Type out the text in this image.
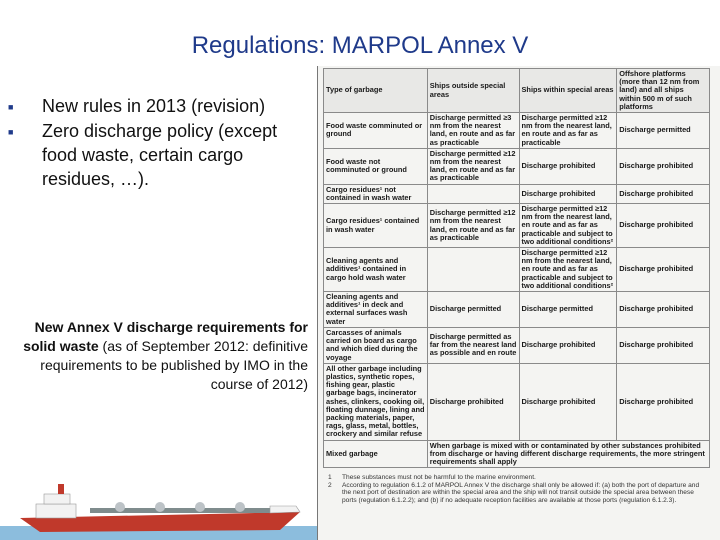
Regulations: MARPOL Annex V
■	New rules in 2013 (revision)
■	Zero discharge policy (except food waste, certain cargo residues, …).
New Annex V discharge requirements for solid waste (as of September 2012: definitive requirements to be published by IMO in the course of 2012)
Type of garbage	Ships outside special areas	Ships within special areas	Offshore platforms (more than 12 nm from land) and all ships within 500 m of such platforms
Food waste comminuted or ground	Discharge permitted ≥3 nm from the nearest land, en route and as far as practicable	Discharge permitted ≥12 nm from the nearest land, en route and as far as practicable	Discharge permitted
Food waste not comminuted or ground	Discharge permitted ≥12 nm from the nearest land, en route and as far as practicable	Discharge prohibited	Discharge prohibited
Cargo residues¹ not contained in wash water		Discharge prohibited	Discharge prohibited
Cargo residues¹ contained in wash water	Discharge permitted ≥12 nm from the nearest land, en route and as far as practicable	Discharge permitted ≥12 nm from the nearest land, en route and as far as practicable and subject to two additional conditions²	Discharge prohibited
Cleaning agents and additives¹ contained in cargo hold wash water		Discharge permitted ≥12 nm from the nearest land, en route and as far as practicable and subject to two additional conditions²	Discharge prohibited
Cleaning agents and additives¹ in deck and external surfaces wash water	Discharge permitted	Discharge permitted	Discharge prohibited
Carcasses of animals carried on board as cargo and which died during the voyage	Discharge permitted as far from the nearest land as possible and en route	Discharge prohibited	Discharge prohibited
All other garbage including plastics, synthetic ropes, fishing gear, plastic garbage bags, incinerator ashes, clinkers, cooking oil, floating dunnage, lining and packing materials, paper, rags, glass, metal, bottles, crockery and similar refuse	Discharge prohibited	Discharge prohibited	Discharge prohibited
Mixed garbage	When garbage is mixed with or contaminated by other substances prohibited from discharge or having different discharge requirements, the more stringent requirements shall apply		
1	These substances must not be harmful to the marine environment.
2	According to regulation 6.1.2 of MARPOL Annex V the discharge shall only be allowed if: (a) both the port of departure and the next port of destination are within the special area and the ship will not transit outside the special area between these ports (regulation 6.1.2.2); and (b) if no adequate reception facilities are available at those ports (regulation 6.1.2.3).
